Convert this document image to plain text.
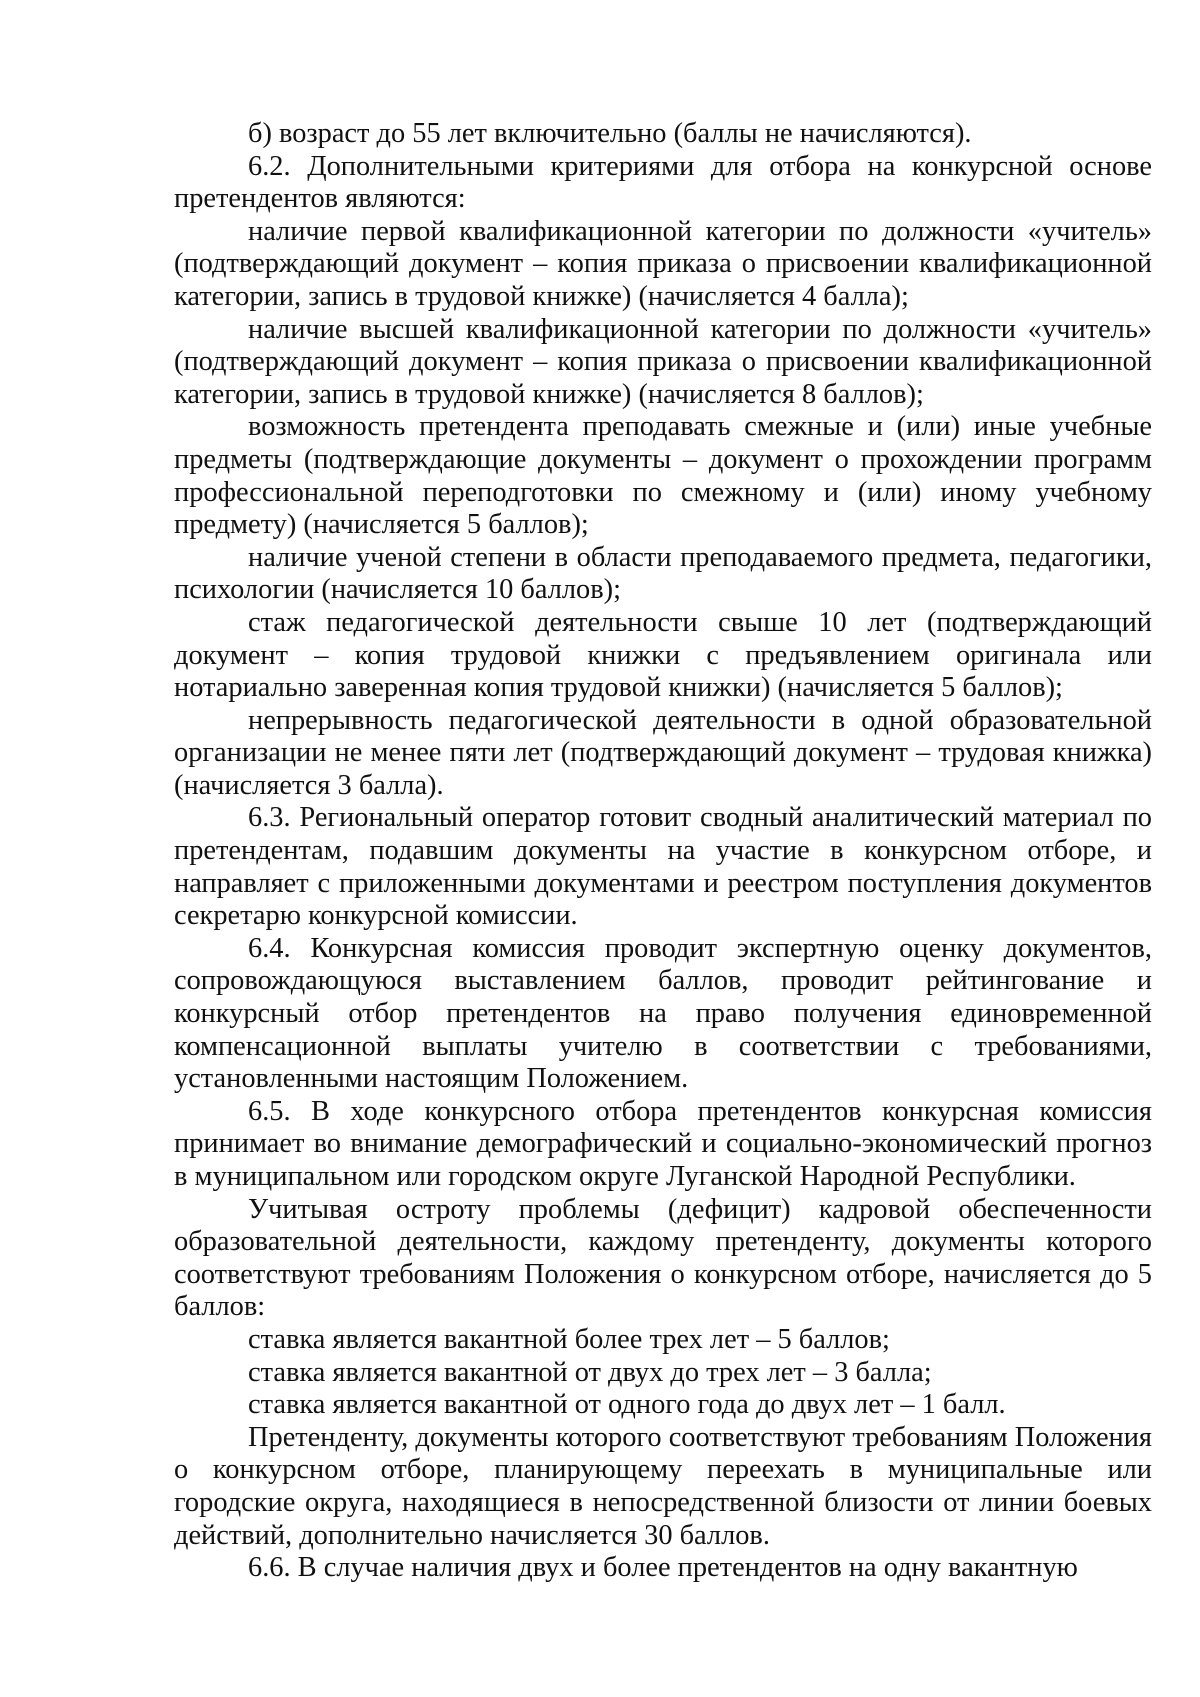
б) возраст до 55 лет включительно (баллы не начисляются).

6.2. Дополнительными критериями для отбора на конкурсной основе претендентов являются:

наличие первой квалификационной категории по должности «учитель» (подтверждающий документ – копия приказа о присвоении квалификационной категории, запись в трудовой книжке) (начисляется 4 балла);

наличие высшей квалификационной категории по должности «учитель» (подтверждающий документ – копия приказа о присвоении квалификационной категории, запись в трудовой книжке) (начисляется 8 баллов);

возможность претендента преподавать смежные и (или) иные учебные предметы (подтверждающие документы – документ о прохождении программ профессиональной переподготовки по смежному и (или) иному учебному предмету) (начисляется 5 баллов);

наличие ученой степени в области преподаваемого предмета, педагогики, психологии (начисляется 10 баллов);

стаж педагогической деятельности свыше 10 лет (подтверждающий документ – копия трудовой книжки с предъявлением оригинала или нотариально заверенная копия трудовой книжки) (начисляется 5 баллов);

непрерывность педагогической деятельности в одной образовательной организации не менее пяти лет (подтверждающий документ – трудовая книжка) (начисляется 3 балла).

6.3. Региональный оператор готовит сводный аналитический материал по претендентам, подавшим документы на участие в конкурсном отборе, и направляет с приложенными документами и реестром поступления документов секретарю конкурсной комиссии.

6.4. Конкурсная комиссия проводит экспертную оценку документов, сопровождающуюся выставлением баллов, проводит рейтингование и конкурсный отбор претендентов на право получения единовременной компенсационной выплаты учителю в соответствии с требованиями, установленными настоящим Положением.

6.5. В ходе конкурсного отбора претендентов конкурсная комиссия принимает во внимание демографический и социально-экономический прогноз в муниципальном или городском округе Луганской Народной Республики.

Учитывая остроту проблемы (дефицит) кадровой обеспеченности образовательной деятельности, каждому претенденту, документы которого соответствуют требованиям Положения о конкурсном отборе, начисляется до 5 баллов:

ставка является вакантной более трех лет – 5 баллов;

ставка является вакантной от двух до трех лет – 3 балла;

ставка является вакантной от одного года до двух лет – 1 балл.

Претенденту, документы которого соответствуют требованиям Положения о конкурсном отборе, планирующему переехать в муниципальные или городские округа, находящиеся в непосредственной близости от линии боевых действий, дополнительно начисляется 30 баллов.

6.6. В случае наличия двух и более претендентов на одну вакантную
